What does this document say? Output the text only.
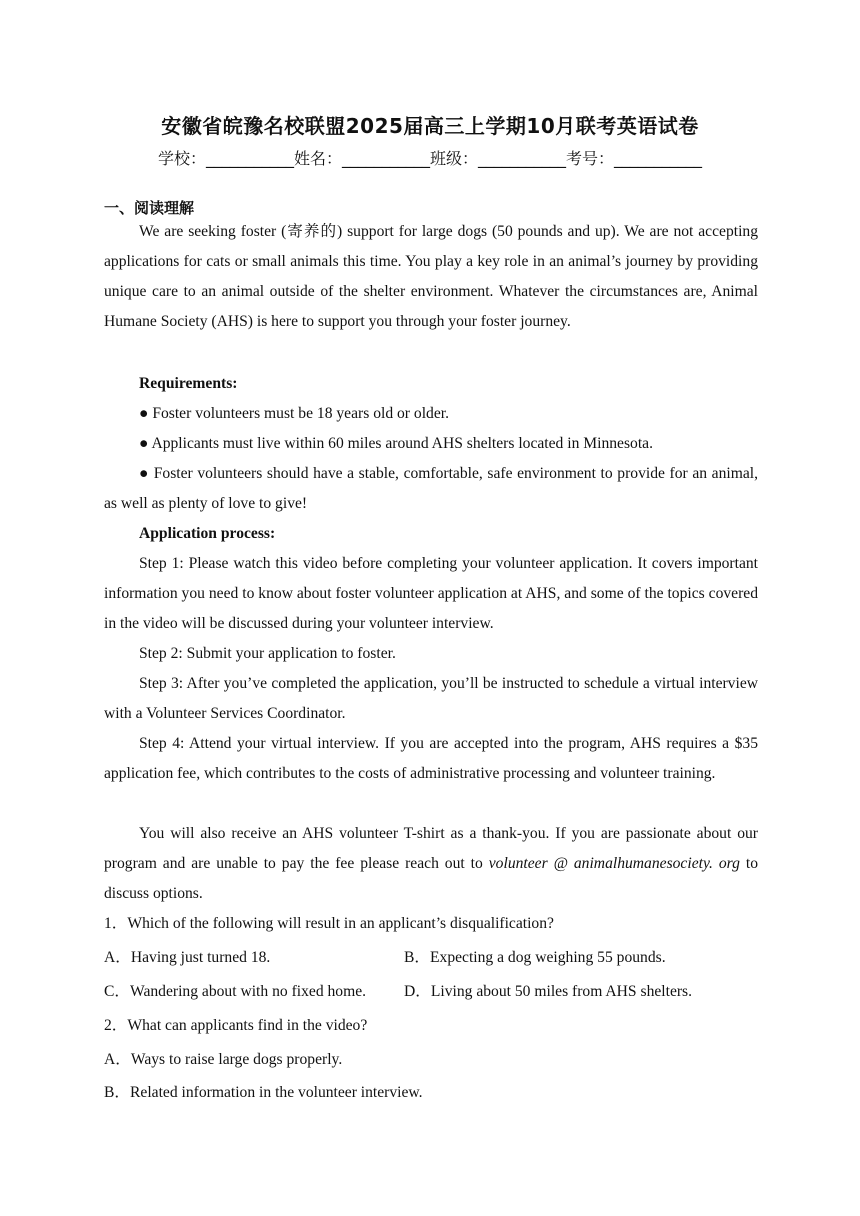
安徽省皖豫名校联盟2025届高三上学期10月联考英语试卷
学校：___________姓名：___________班级：___________考号：___________
一、阅读理解

We are seeking foster (寄养的) support for large dogs (50 pounds and up). We are not accepting applications for cats or small animals this time. You play a key role in an animal’s journey by providing unique care to an animal outside of the shelter environment. Whatever the circumstances are, Animal Humane Society (AHS) is here to support you through your foster journey.

Requirements:
● Foster volunteers must be 18 years old or older.
● Applicants must live within 60 miles around AHS shelters located in Minnesota.

● Foster volunteers should have a stable, comfortable, safe environment to provide for an animal, as well as plenty of love to give!

Application process:

Step 1: Please watch this video before completing your volunteer application. It covers important information you need to know about foster volunteer application at AHS, and some of the topics covered in the video will be discussed during your volunteer interview.

Step 2: Submit your application to foster.

Step 3: After you’ve completed the application, you’ll be instructed to schedule a virtual interview with a Volunteer Services Coordinator.

Step 4: Attend your virtual interview. If you are accepted into the program, AHS requires a $35 application fee, which contributes to the costs of administrative processing and volunteer training.

You will also receive an AHS volunteer T-shirt as a thank-you. If you are passionate about our program and are unable to pay the fee please reach out to volunteer @ animalhumanesociety. org to discuss options.

1．Which of the following will result in an applicant’s disqualification?
A．Having just turned 18.	B．Expecting a dog weighing 55 pounds.
C．Wandering about with no fixed home. D．Living about 50 miles from AHS shelters.
2．What can applicants find in the video?
A．Ways to raise large dogs properly.
B．Related information in the volunteer interview.
